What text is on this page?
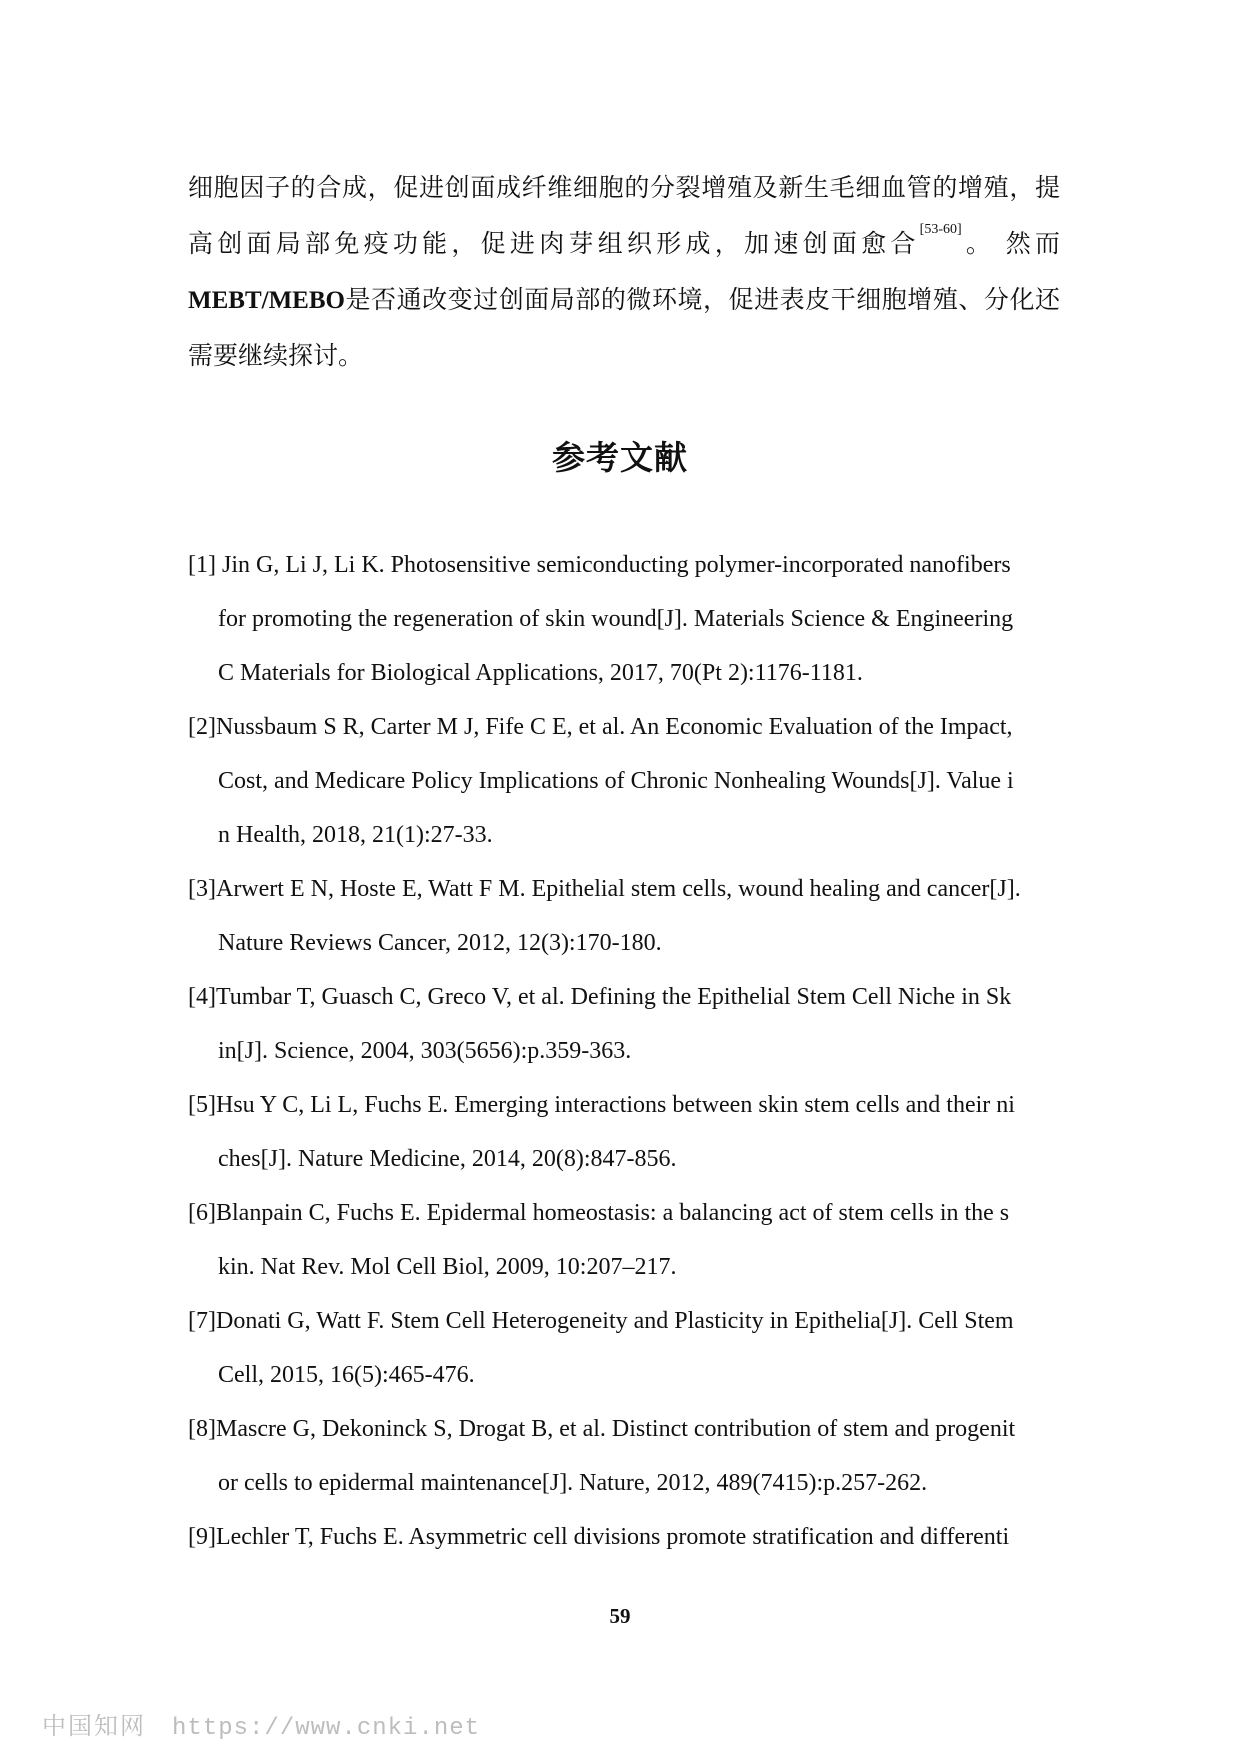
细胞因子的合成，促进创面成纤维细胞的分裂增殖及新生毛细血管的增殖，提
高创面局部免疫功能，促进肉芽组织形成，加速创面愈合[53-60]。 然而
MEBT/MEBO是否通改变过创面局部的微环境，促进表皮干细胞增殖、分化还
需要继续探讨。
参考文献
[1] Jin G, Li J, Li K. Photosensitive semiconducting polymer-incorporated nanofibers
for promoting the regeneration of skin wound[J]. Materials Science & Engineering
C Materials for Biological Applications, 2017, 70(Pt 2):1176-1181.
[2]Nussbaum S R, Carter M J, Fife C E, et al. An Economic Evaluation of the Impact,
Cost, and Medicare Policy Implications of Chronic Nonhealing Wounds[J]. Value i
n Health, 2018, 21(1):27-33.
[3]Arwert E N, Hoste E, Watt F M. Epithelial stem cells, wound healing and cancer[J].
Nature Reviews Cancer, 2012, 12(3):170-180.
[4]Tumbar T, Guasch C, Greco V, et al. Defining the Epithelial Stem Cell Niche in Sk
in[J]. Science, 2004, 303(5656):p.359-363.
[5]Hsu Y C, Li L, Fuchs E. Emerging interactions between skin stem cells and their ni
ches[J]. Nature Medicine, 2014, 20(8):847-856.
[6]Blanpain C, Fuchs E. Epidermal homeostasis: a balancing act of stem cells in the s
kin. Nat Rev. Mol Cell Biol, 2009, 10:207–217.
[7]Donati G, Watt F. Stem Cell Heterogeneity and Plasticity in Epithelia[J]. Cell Stem
Cell, 2015, 16(5):465-476.
[8]Mascre G, Dekoninck S, Drogat B, et al. Distinct contribution of stem and progenit
or cells to epidermal maintenance[J]. Nature, 2012, 489(7415):p.257-262.
[9]Lechler T, Fuchs E. Asymmetric cell divisions promote stratification and differenti
59
中国知网 https://www.cnki.net
